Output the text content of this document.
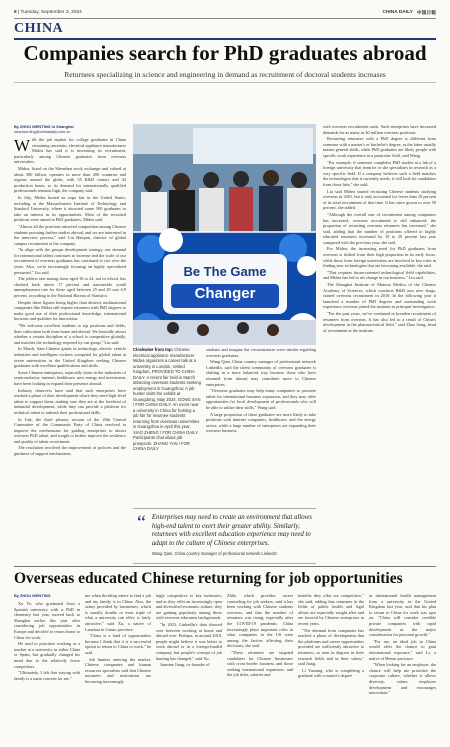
6 | Tuesday, September 3, 2024	CHINA DAILY 中国日報
CHINA
Companies search for PhD graduates abroad
Returnees specializing in science and engineering in demand as recruitment of doctoral students increases
By ZHOU WENTING in Shanghai
zhouwenting@chinadaily.com.cn
W ith the job market for college graduates in China remaining uncertain, electrical appliance manufacturer Midea has said it is increasing its recruitment, particularly among Chinese graduates from overseas universities.

Midea, listed on the Shenzhen stock exchange and valued at about 380 billion, operates in more than 200 countries and regions around the globe, with 35 R&D centers and 43 production bases, so its demand for internationally qualified professionals remains high, the company said.

In July, Midea hosted an expo fair in the United States, including at the Massachusetts Institute of Technology and Stanford University, where it attracted some 500 graduates to take an interest in its opportunities. Most of the recruited positions were aimed at PhD graduates, Midea said.

"Almost all the positions attracted competition among Chinese students pursuing further studies abroad, and we are interested in the interview process," said Liu Haiqian, director of global campus recruitment at the company.

"In align with the groups development strategy, our demand for international talent continues to increase and the scale of our recruitment of overseas graduates has continued to rise over the years. Also, we're increasingly focusing on highly specialized personnel," Liu said.

The jobless rate among those aged 16 to 24, not in school, has climbed back above 17 percent and nationwide youth unemployment rate for those aged between 25 and 29 was 6.9 percent, according to the National Bureau of Statistics.

Despite these figures being higher than desired, multinational companies like Midea still require returnees with PhD degrees to make good use of their professional knowledge, international horizons and qualities for innovation.

"We welcome excellent students to top positions and fields, their cultivation both from home and abroad. We basically attract whether a certain discipline of a school is competitive globally, and matches the technology required by our group," Liu said.

In March, Sam Chinese giants in technology, electric vehicle industries and intelligent cookers competed for global talent at seven universities in the United Kingdom seeking Chinese graduates with excellent qualifications and skills.

Some Chinese enterprises, especially those in the industries of semiconductor, internet, healthcare, new energy and investment, have been looking to expand their presence abroad.

Industry observers have said that such enterprises have reached a phase of their development where they need high-level talent to support them, making sure they are at the forefront of industrial development, while they can provide a platform for technical talent to unleash their professional skills.

In July, the third plenary session of the 20th Central Committee of the Communist Party of China resolved to improve the mechanisms for guiding enterprises to attract overseas PhD talent, and sought to further improve the resilience and quality of talent recruitment.

The resolution involved the improvement of policies and the guidance of support mechanisms.

Be The Game
Changer
Clockwise from top: Chinese electrical appliance manufacturer Midea organizes a career talk at a university in London, United Kingdom, PROVIDED TO CHINA DAILY. A recent fair held in March attracting overseas students seeking employment in Guangzhou; A job hunter visits the exhibit at Guangdong, May 2024. GONG SAN / FOR CHINA DAILY. An event near a university in China for hosting a job fair for returnee students returning from overseas universities in Guangzhou in April this year. XIAO ZHENG / FOR CHINA DAILY. Participants chat about job prospects. ZHANG YAN / FOR CHINA DAILY

students and imagine the circumstances were similar regarding overseas graduates.

Wang Qian, China country manager of professional network LinkedIn, said the talent community of overseas graduates is shifting in a more balanced way because those who have returned from abroad may contribute more to Chinese enterprises.

"Overseas graduates may help many companies to promote talent for international business expansion, and they may offer opportunities for local development of professionals who will be able to utilize their skills," Wang said.

A large proportion of these graduates are more likely to take positions with internet companies, healthcare, and the energy sector, while a large number of enterprises are expanding their overseas business.

“ Enterprises may need to create an environment that allows high-end talent to exert their greater ability. Similarly, returnees with excellent education experience may need to adapt to the culture of Chinese enterprises.
Wang Qian, China country manager of professional network LinkedIn

with overseas recruitment cards. Such enterprises have increased demands for as many as 40 million overseas positions.

Recruiting returnees with a PhD degree is different from someone with a master's or bachelor's degree, as the latter usually master general skills, while PhD graduates are likely people with specific work experience in a particular field, said Wang.

"For example, if someone completes PhD studies at a lab of a foreign university that team he or she specializes in research as a very specific field. If a company believes such a field matches the technologies that it currently needs, it will look for candidates from those labs," she said.

Liu said Midea started recruiting Chinese students studying overseas in 2001, but it only accounted for fewer than 10 percent of its total recruitment of that time. It has since grown to over 50 percent, she added.

"Although the overall rate of recruitment among companies has increased, overseas recruitment is still enhanced, the proportion of recruiting overseas returnees has increased," she said, adding that the number of positions offered to highly educated returnees increased by 10 to 20 percent last year compared with the previous year, she said.

For Midea, the increasing need for PhD graduates from overseas is shifted from their high proportion in its early focus, while those from foreign universities are involved in key roles in finding new technologies that are becoming available, she said.

"That requires future-oriented technological field capabilities, and Midea has led to set change in our business," Liu said.

The Shanghai Institute of Materia Medica of the Chinese Academy of Sciences, which conducts R&D into new drugs, started overseas recruitment in 2018. In the following year it launched a number of PhD degrees and outstanding work experience overseas joined the institute as principal investigators.

"For the past years, we've continued to broaden recruitment of returnees from overseas. It has also led to a result of China's development in the pharmaceutical field," said Zhao Song, head of recruitment at the institute.

Overseas educated Chinese returning for job opportunities
By ZHOU WENTING

Xu Ye, who graduated from a Spanish university with a PhD in chemistry last year, moved back to Shanghai earlier this year after considering job opportunities in Europe and decided to return home to China for work.

He used to prioritize working as a teacher at a university in either China or Spain, but gradually changed his mind due to the relatively fewer competitors.

"Ultimately, I felt that staying with family is a main concern for me."

me when deciding where to find a job and my family is in China. Also, the salary provided by businesses, which is usually double or even triple of what a university can offer, is fairly attractive," said Xu, a native of Lanzhou in Gansu province.

"China is a land of opportunities because I think that it is a successful option to return to China to work," he said.

Job hunters entering the market: Chinese companies and human resources specialists said that Chinese returnees and institutions are becoming increasingly

ingly competitive to key industries, and as they offer an increasingly open and diversified economic culture, they are gaining popularity among those with overseas education backgrounds.

"In 2023, LinkedIn's data showed over between working at home and abroad over. Perhaps, in around 2018, people might believe it was better to work abroad or in a foreign-funded company, but people's concept of job hunting has changed," said Xu.

Jasmine Jiang, co-founder of

Zhile, which provides career counseling for job seekers, said it has been working with Chinese students overseas, and that the number of returnees was rising, especially after the COVID-19 pandemic. China increasingly plays important roles in what companies in the US were among the factors affecting their decisions, she said.

"These returnees are targeted candidates for Chinese businesses with cross-border business and those seeking international expansion, and the job titles, salaries and

benefits they offer are competitive," she said, adding that returnees in the fields of public health and legal affairs are especially sought after and are favored by Chinese enterprises in recent years.

"The demand from companies has reached a phase of development that the platforms and career opportunities provided are sufficiently attractive to returnees, as seen in degrees in their research fields and in their salary," said Jiang.

Li Yuxiang, who is completing a graduate with a master's degree

in international health management from a university in the United Kingdom last year, said that his plan to return to China for work was spot on. "China will consider credible private companies with rapid development as the major consideration for personal growth."

"For me, an ideal job in China would offer the chance to gain international exposure," said Li, a native of Henan province.

"When looking for an employer, the chance will help me prioritize the corporate culture, whether it allows diversity, values employee development and encourages innovation."
